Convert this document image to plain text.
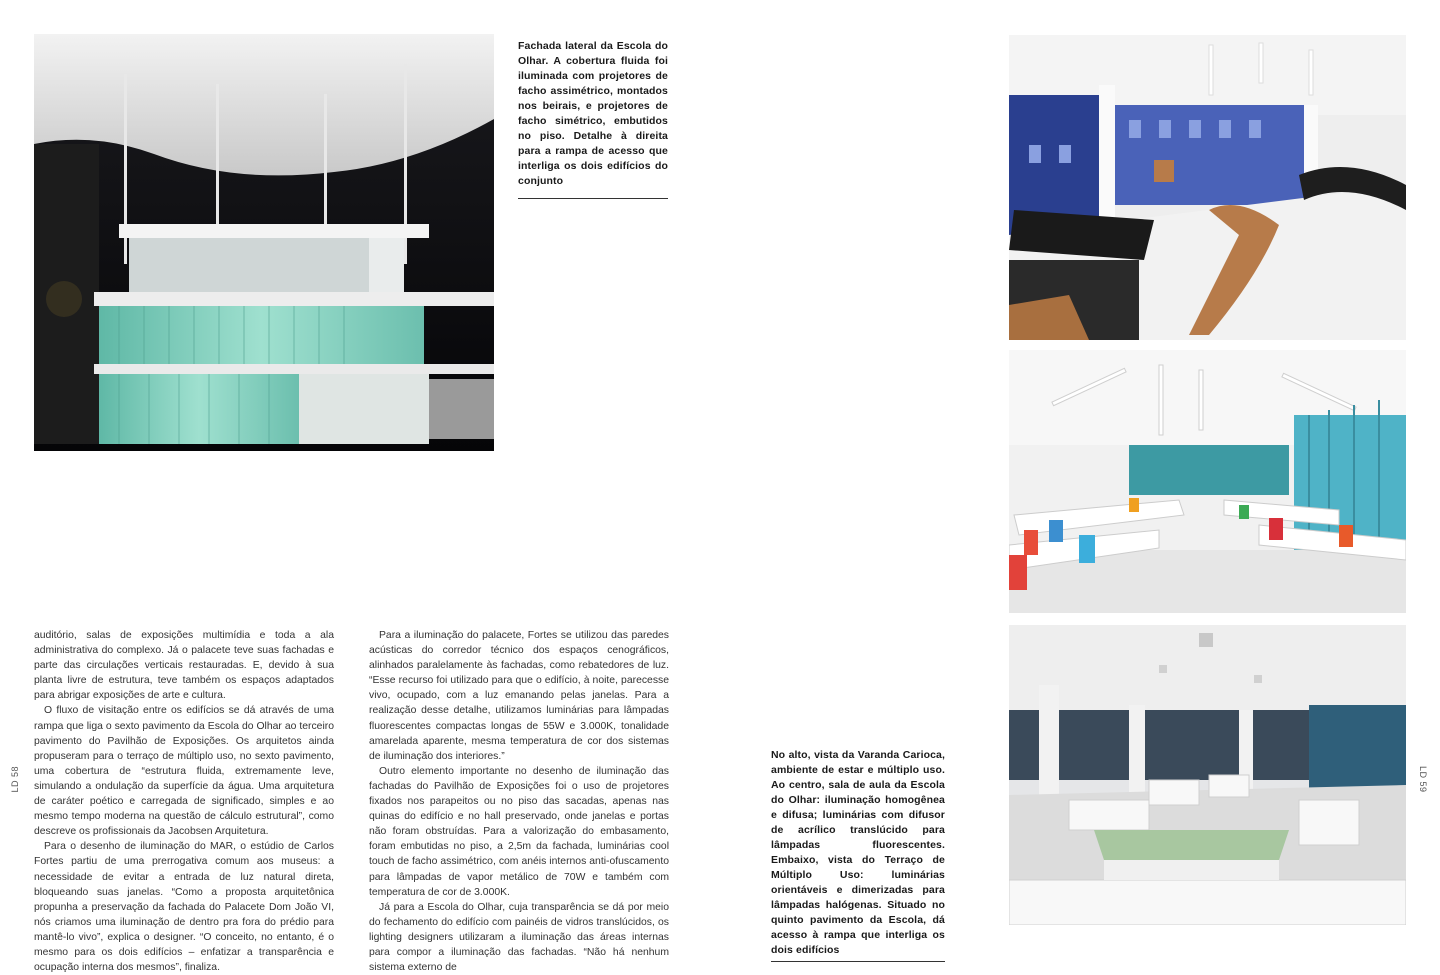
Fachada lateral da Escola do Olhar. A cobertura fluida foi iluminada com projetores de facho assimétrico, montados nos beirais, e projetores de facho simétrico, embutidos no piso. Detalhe à direita para a rampa de acesso que interliga os dois edifícios do conjunto
No alto, vista da Varanda Carioca, ambiente de estar e múltiplo uso. Ao centro, sala de aula da Escola do Olhar: iluminação homogênea e difusa; luminárias com difusor de acrílico translúcido para lâmpadas fluorescentes. Embaixo, vista do Terraço de Múltiplo Uso: luminárias orientáveis e dimerizadas para lâmpadas halógenas. Situado no quinto pavimento da Escola, dá acesso à rampa que interliga os dois edifícios

auditório, salas de exposições multimídia e toda a ala administrativa do complexo. Já o palacete teve suas fachadas e parte das circulações verticais restauradas. E, devido à sua planta livre de estrutura, teve também os espaços adaptados para abrigar exposições de arte e cultura.

O fluxo de visitação entre os edifícios se dá através de uma rampa que liga o sexto pavimento da Escola do Olhar ao terceiro pavimento do Pavilhão de Exposições. Os arquitetos ainda propuseram para o terraço de múltiplo uso, no sexto pavimento, uma cobertura de “estrutura fluida, extremamente leve, simulando a ondulação da superfície da água. Uma arquitetura de caráter poético e carregada de significado, simples e ao mesmo tempo moderna na questão de cálculo estrutural”, como descreve os profissionais da Jacobsen Arquitetura.

Para o desenho de iluminação do MAR, o estúdio de Carlos Fortes partiu de uma prerrogativa comum aos museus: a necessidade de evitar a entrada de luz natural direta, bloqueando suas janelas. “Como a proposta arquitetônica propunha a preservação da fachada do Palacete Dom João VI, nós criamos uma iluminação de dentro pra fora do prédio para mantê-lo vivo”, explica o designer. “O conceito, no entanto, é o mesmo para os dois edifícios – enfatizar a transparência e ocupação interna dos mesmos”, finaliza.

Para a iluminação do palacete, Fortes se utilizou das paredes acústicas do corredor técnico dos espaços cenográficos, alinhados paralelamente às fachadas, como rebatedores de luz. “Esse recurso foi utilizado para que o edifício, à noite, parecesse vivo, ocupado, com a luz emanando pelas janelas. Para a realização desse detalhe, utilizamos luminárias para lâmpadas fluorescentes compactas longas de 55W e 3.000K, tonalidade amarelada aparente, mesma temperatura de cor dos sistemas de iluminação dos interiores.”

Outro elemento importante no desenho de iluminação das fachadas do Pavilhão de Exposições foi o uso de projetores fixados nos parapeitos ou no piso das sacadas, apenas nas quinas do edifício e no hall preservado, onde janelas e portas não foram obstruídas. Para a valorização do embasamento, foram embutidas no piso, a 2,5m da fachada, luminárias cool touch de facho assimétrico, com anéis internos anti-ofuscamento para lâmpadas de vapor metálico de 70W e também com temperatura de cor de 3.000K.

Já para a Escola do Olhar, cuja transparência se dá por meio do fechamento do edifício com painéis de vidros translúcidos, os lighting designers utilizaram a iluminação das áreas internas para compor a iluminação das fachadas. “Não há nenhum sistema externo de

LD 58	LD 59
